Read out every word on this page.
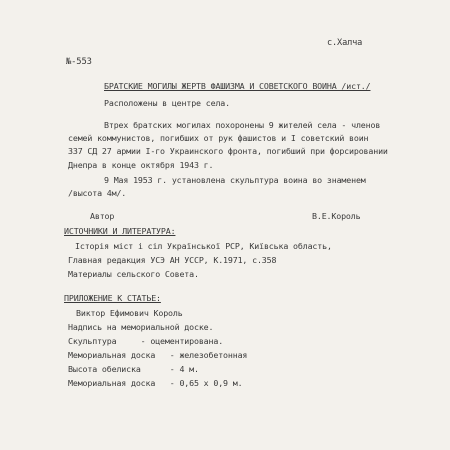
с.Халча
№-553
БРАТСКИЕ МОГИЛЫ ЖЕРТВ ФАШИЗМА И СОВЕТСКОГО ВОИНА /ист./
Расположены в центре села.
Втрех братских могилах похоронены 9 жителей села - членов
семей коммунистов, погибших от рук фашистов и I советский воин
337 СД 27 армии I-го Украинского фронта, погибший при форсировании
Днепра в конце октября 1943 г.
9 Мая 1953 г. установлена скульптура воина во знаменем
/высота 4м/.
Автор	В.Е.Король
ИСТОЧНИКИ И ЛИТЕРАТУРА:
Історія міст і сіл Української РСР, Київська область,
Главная редакция УСЭ АН УССР, К.1971, с.358
Материалы сельского Совета.
ПРИЛОЖЕНИЕ К СТАТЬЕ:
Виктор Ефимович Король
Надпись на мемориальной доске.
Скульптура     - оцементирована.
Мемориальная доска   - железобетонная
Высота обелиска      - 4 м.
Мемориальная доска   - 0,65 х 0,9 м.
